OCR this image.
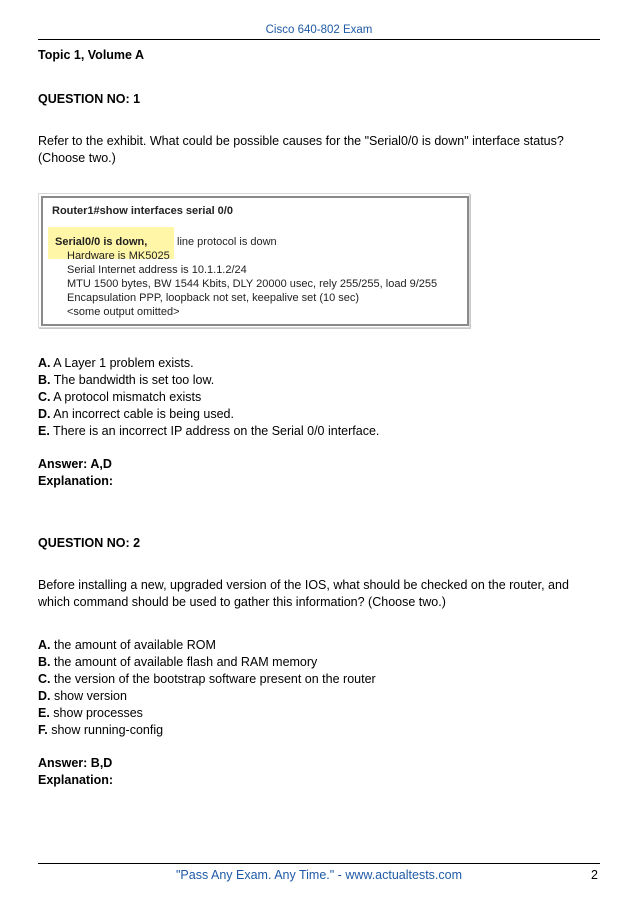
Cisco 640-802 Exam
Topic 1, Volume A
QUESTION NO: 1
Refer to the exhibit. What could be possible causes for the "Serial0/0 is down" interface status?
(Choose two.)
Router1#show interfaces serial 0/0
Serial0/0 is down,	line protocol is down
Hardware is MK5025
Serial Internet address is 10.1.1.2/24
MTU 1500 bytes, BW 1544 Kbits, DLY 20000 usec, rely 255/255, load 9/255
Encapsulation PPP, loopback not set, keepalive set (10 sec)
<some output omitted>
A. A Layer 1 problem exists.
B. The bandwidth is set too low.
C. A protocol mismatch exists
D. An incorrect cable is being used.
E. There is an incorrect IP address on the Serial 0/0 interface.
Answer: A,D
Explanation:
QUESTION NO: 2
Before installing a new, upgraded version of the IOS, what should be checked on the router, and
which command should be used to gather this information? (Choose two.)
A. the amount of available ROM
B. the amount of available flash and RAM memory
C. the version of the bootstrap software present on the router
D. show version
E. show processes
F. show running-config
Answer: B,D
Explanation:
"Pass Any Exam. Any Time." - www.actualtests.com	2
